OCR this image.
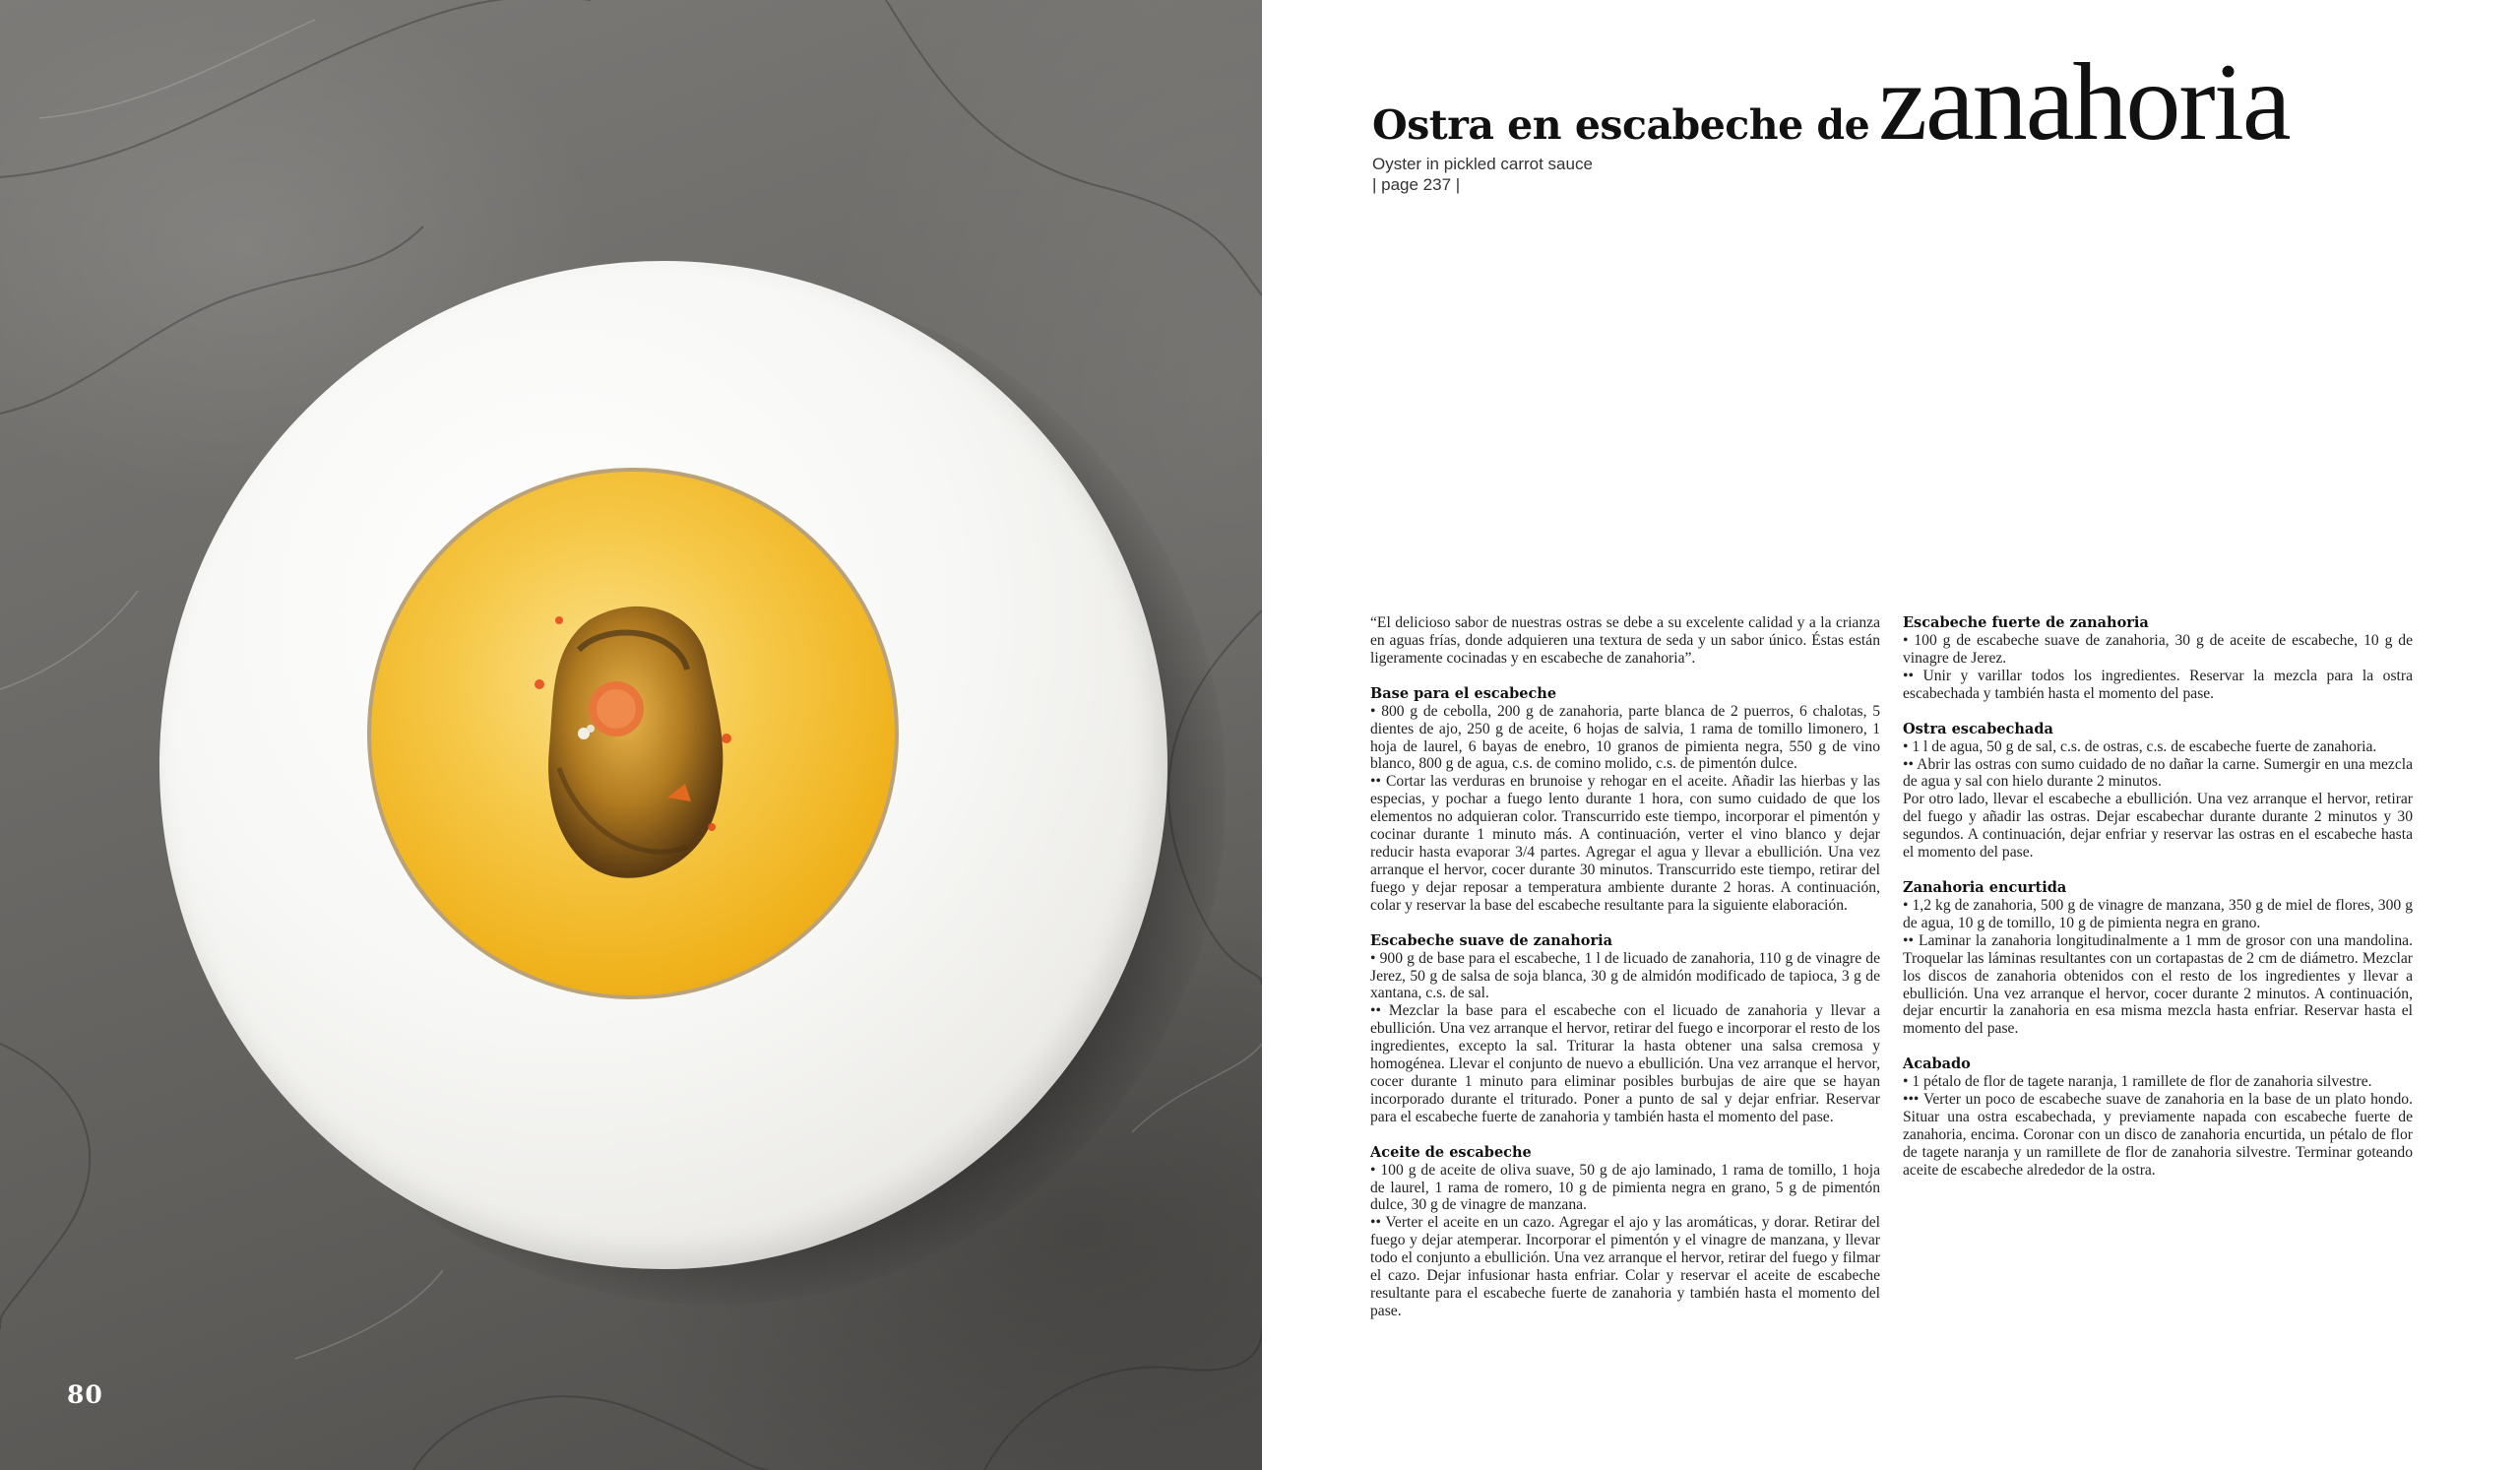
80
Ostra en escabeche de zanahoria
Oyster in pickled carrot sauce
| page 237 |

“El delicioso sabor de nuestras ostras se debe a su excelente calidad y a la crianza en aguas frías, donde adquieren una textura de seda y un sabor único. Éstas están ligeramente cocinadas y en escabeche de zanahoria”.

Base para el escabeche

• 800 g de cebolla, 200 g de zanahoria, parte blanca de 2 puerros, 6 chalotas, 5 dientes de ajo, 250 g de aceite, 6 hojas de salvia, 1 rama de tomillo limonero, 1 hoja de laurel, 6 bayas de enebro, 10 granos de pimienta negra, 550 g de vino blanco, 800 g de agua, c.s. de comino molido, c.s. de pimentón dulce.

•• Cortar las verduras en brunoise y rehogar en el aceite. Añadir las hierbas y las especias, y pochar a fuego lento durante 1 hora, con sumo cuidado de que los elementos no adquieran color. Transcurrido este tiempo, incorporar el pimentón y cocinar durante 1 minuto más. A continuación, verter el vino blanco y dejar reducir hasta evaporar 3/4 partes. Agregar el agua y llevar a ebullición. Una vez arranque el hervor, cocer durante 30 minutos. Transcurrido este tiempo, retirar del fuego y dejar reposar a temperatura ambiente durante 2 horas. A continuación, colar y reservar la base del escabeche resultante para la siguiente elaboración.

Escabeche suave de zanahoria

• 900 g de base para el escabeche, 1 l de licuado de zanahoria, 110 g de vinagre de Jerez, 50 g de salsa de soja blanca, 30 g de almidón modificado de tapioca, 3 g de xantana, c.s. de sal.

•• Mezclar la base para el escabeche con el licuado de zanahoria y llevar a ebullición. Una vez arranque el hervor, retirar del fuego e incorporar el resto de los ingredientes, excepto la sal. Triturar la hasta obtener una salsa cremosa y homogénea. Llevar el conjunto de nuevo a ebullición. Una vez arranque el hervor, cocer durante 1 minuto para eliminar posibles burbujas de aire que se hayan incorporado durante el triturado. Poner a punto de sal y dejar enfriar. Reservar para el escabeche fuerte de zanahoria y también hasta el momento del pase.

Aceite de escabeche

• 100 g de aceite de oliva suave, 50 g de ajo laminado, 1 rama de tomillo, 1 hoja de laurel, 1 rama de romero, 10 g de pimienta negra en grano, 5 g de pimentón dulce, 30 g de vinagre de manzana.

•• Verter el aceite en un cazo. Agregar el ajo y las aromáticas, y dorar. Retirar del fuego y dejar atemperar. Incorporar el pimentón y el vinagre de manzana, y llevar todo el conjunto a ebullición. Una vez arranque el hervor, retirar del fuego y filmar el cazo. Dejar infusionar hasta enfriar. Colar y reservar el aceite de escabeche resultante para el escabeche fuerte de zanahoria y también hasta el momento del pase.

Escabeche fuerte de zanahoria

• 100 g de escabeche suave de zanahoria, 30 g de aceite de escabeche, 10 g de vinagre de Jerez.

•• Unir y varillar todos los ingredientes. Reservar la mezcla para la ostra escabechada y también hasta el momento del pase.

Ostra escabechada

• 1 l de agua, 50 g de sal, c.s. de ostras, c.s. de escabeche fuerte de zanahoria.

•• Abrir las ostras con sumo cuidado de no dañar la carne. Sumergir en una mezcla de agua y sal con hielo durante 2 minutos.
Por otro lado, llevar el escabeche a ebullición. Una vez arranque el hervor, retirar del fuego y añadir las ostras. Dejar escabechar durante durante 2 minutos y 30 segundos. A continuación, dejar enfriar y reservar las ostras en el escabeche hasta el momento del pase.

Zanahoria encurtida

• 1,2 kg de zanahoria, 500 g de vinagre de manzana, 350 g de miel de flores, 300 g de agua, 10 g de tomillo, 10 g de pimienta negra en grano.

•• Laminar la zanahoria longitudinalmente a 1 mm de grosor con una mandolina. Troquelar las láminas resultantes con un cortapastas de 2 cm de diámetro. Mezclar los discos de zanahoria obtenidos con el resto de los ingredientes y llevar a ebullición. Una vez arranque el hervor, cocer durante 2 minutos. A continuación, dejar encurtir la zanahoria en esa misma mezcla hasta enfriar. Reservar hasta el momento del pase.

Acabado

• 1 pétalo de flor de tagete naranja, 1 ramillete de flor de zanahoria silvestre.

••• Verter un poco de escabeche suave de zanahoria en la base de un plato hondo. Situar una ostra escabechada, y previamente napada con escabeche fuerte de zanahoria, encima. Coronar con un disco de zanahoria encurtida, un pétalo de flor de tagete naranja y un ramillete de flor de zanahoria silvestre. Terminar goteando aceite de escabeche alrededor de la ostra.
